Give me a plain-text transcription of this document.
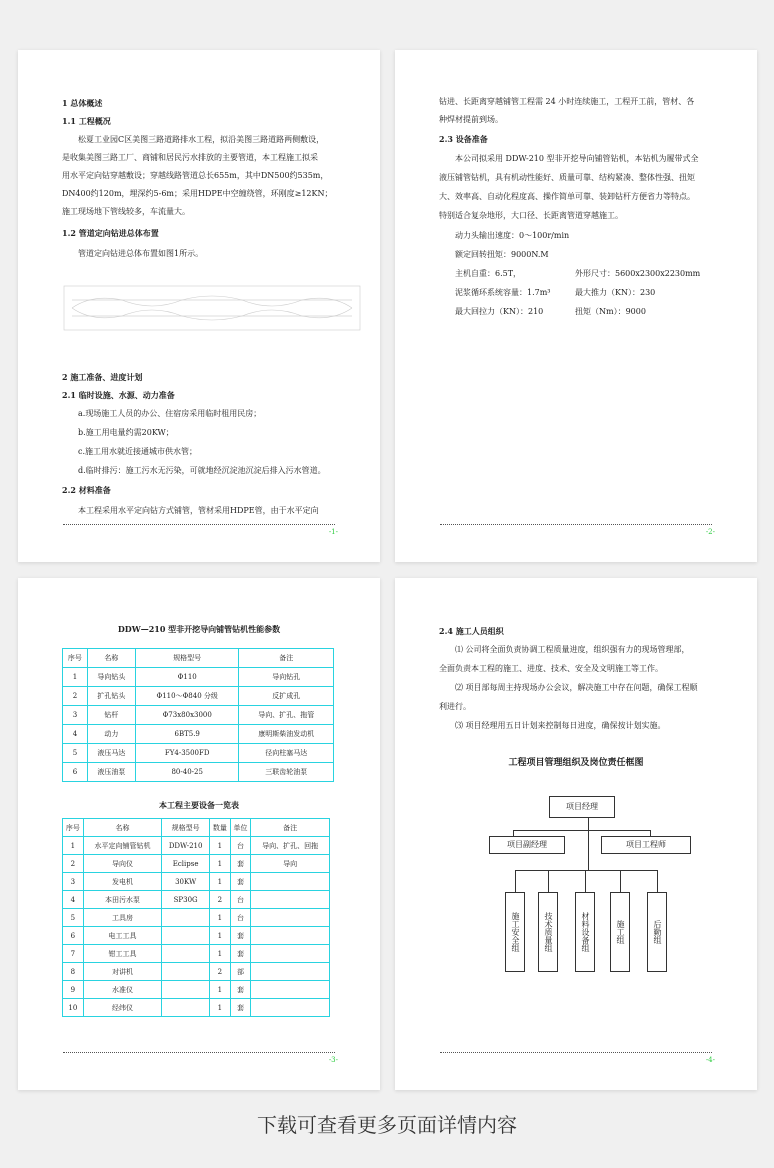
1 总体概述
1.1 工程概况
松夏工业园C区美图三路道路排水工程，拟沿美图三路道路两侧敷设，
是收集美图三路工厂、商铺和居民污水排放的主要管道，本工程施工拟采
用水平定向钻穿越敷设；穿越线路管道总长655m，其中DN500约535m，
DN400约120m，埋深约5-6m；采用HDPE中空缠绕管，环刚度≥12KN；
施工现场地下管线较多，车流量大。
1.2 管道定向钻进总体布置
管道定向钻进总体布置如图1所示。
2 施工准备、进度计划
2.1 临时设施、水源、动力准备
a.现场施工人员的办公、住宿房采用临时租用民房；
b.施工用电量约需20KW；
c.施工用水就近接通城市供水管；
d.临时排污：施工污水无污染，可就地经沉淀池沉淀后排入污水管道。
2.2 材料准备
本工程采用水平定向钻方式铺管，管材采用HDPE管，由于水平定向
-1-
钻进、长距离穿越铺管工程需 24 小时连续施工，工程开工前，管材、各
种焊材提前到场。
2.3 设备准备
本公司拟采用 DDW-210 型非开挖导向铺管钻机，本钻机为履带式全
液压铺管钻机，具有机动性能好、质量可靠、结构紧凑、整体性强、扭矩
大、效率高、自动化程度高、操作简单可靠、装卸钻杆方便省力等特点。
特别适合复杂地形，大口径、长距离管道穿越施工。
动力头输出速度：0～100r/min
额定回转扭矩：9000N.M
主机自重：6.5T，	外形尺寸：5600x2300x2230mm
泥浆循环系统容量：1.7m³	最大推力（KN）：230
最大回拉力（KN）：210	扭矩（Nm）：9000
-2-
DDW—210 型非开挖导向铺管钻机性能参数
序号	名称	规格型号	备注
1	导向钻头	Φ110	导向钻孔
2	扩孔钻头	Φ110～Φ840 分级	反扩成孔
3	钻杆	Φ73x80x3000	导向、扩孔、拖管
4	动力	6BT5.9	康明斯柴油发动机
5	液压马达	FY4-3500FD	径向柱塞马达
6	液压油泵	80-40-25	三联齿轮油泵
本工程主要设备一览表
序号	名称	规格型号	数量	单位	备注
1	水平定向铺管钻机	DDW-210	1	台	导向、扩孔、回拖
2	导向仪	Eclipse	1	套	导向
3	发电机	30KW	1	套	
4	本田污水泵	SP30G	2	台	
5	工具房		1	台	
6	电工工具		1	套	
7	钳工工具		1	套	
8	对讲机		2	部	
9	水准仪		1	套	
10	经纬仪		1	套	
-3-
2.4 施工人员组织
⑴ 公司将全面负责协调工程质量进度，组织强有力的现场管理部，
全面负责本工程的施工、进度、技术、安全及文明施工等工作。
⑵ 项目部每周主持现场办公会议，解决施工中存在问题，确保工程顺
利进行。
⑶ 项目经理用五日计划来控制每日进度，确保按计划实施。
工程项目管理组织及岗位责任框图
项目经理
项目副经理	项目工程师
施工安全组	技术质量组	材料设备组	施工组	后勤组
-4-
下载可查看更多页面详情内容
